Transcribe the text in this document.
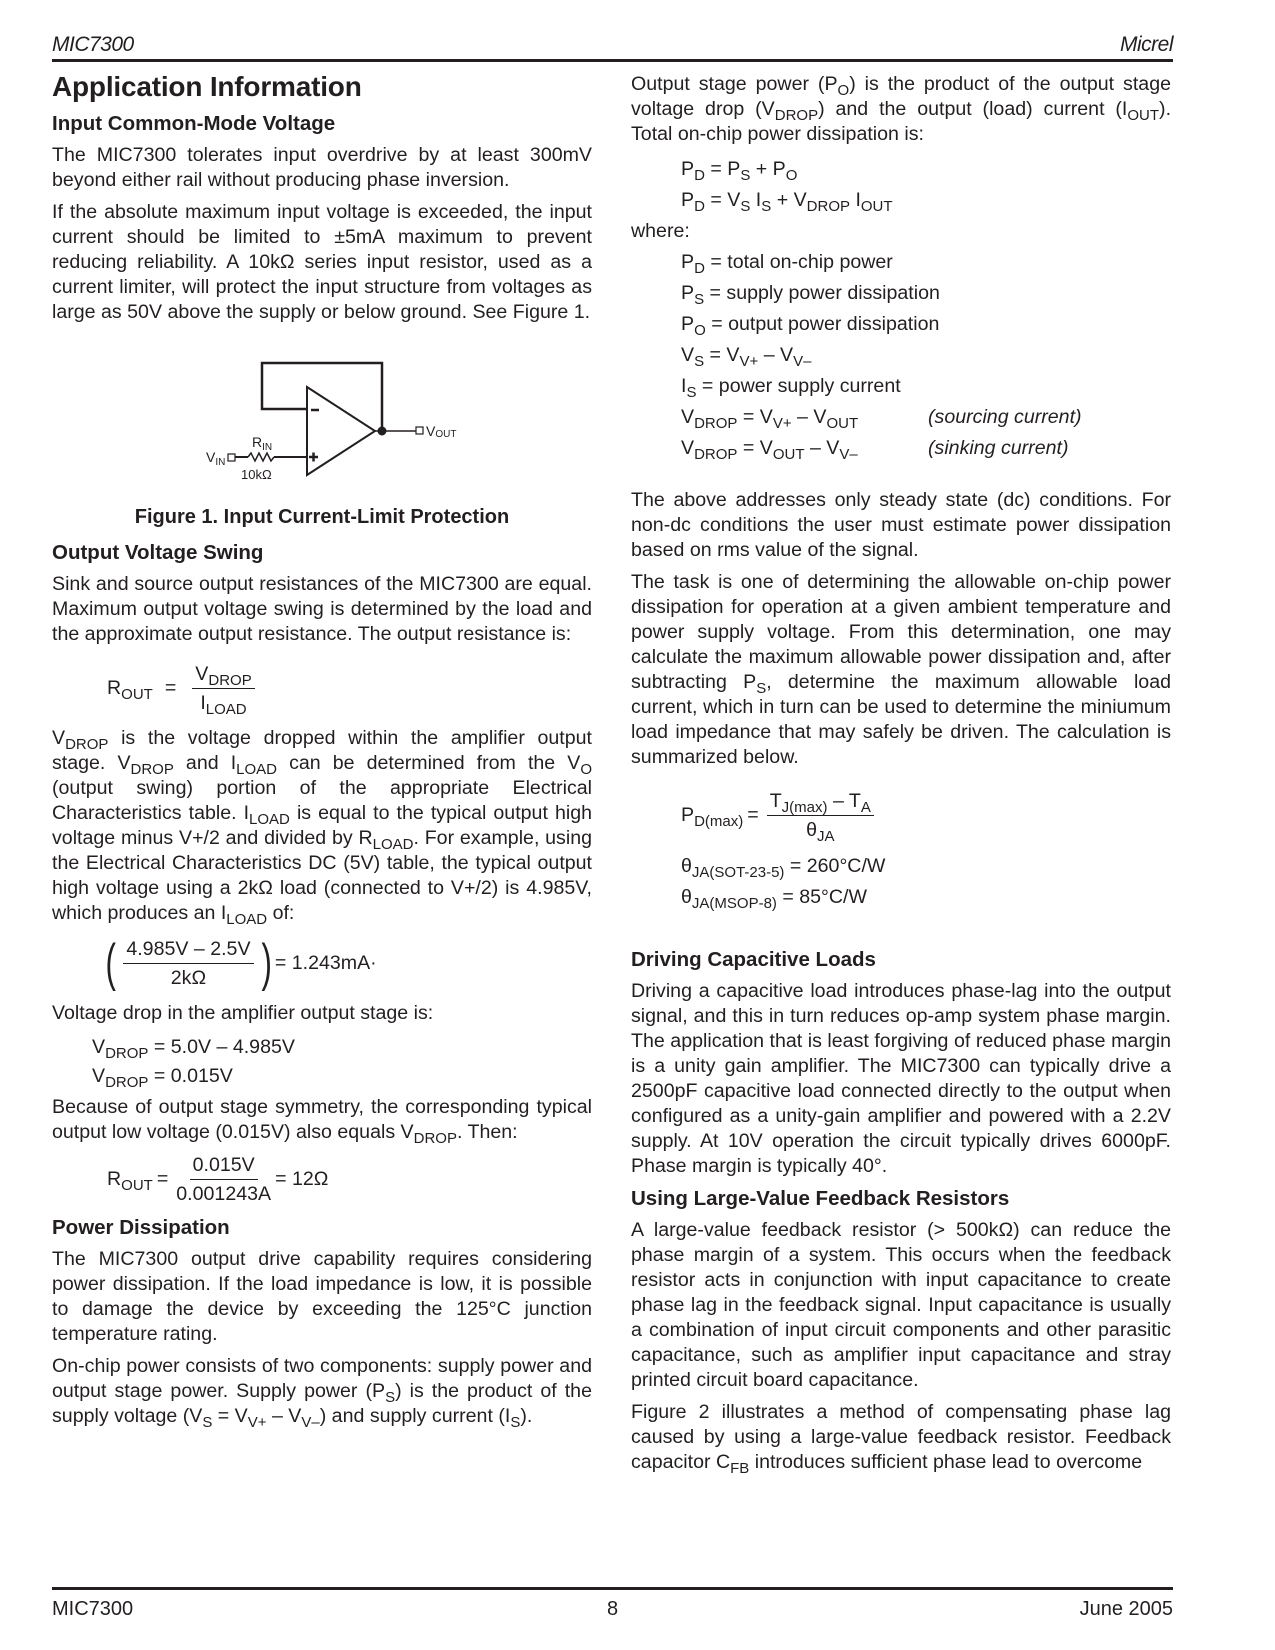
MIC7300	Micrel
Application Information
Input Common-Mode Voltage

The MIC7300 tolerates input overdrive by at least 300mV beyond either rail without producing phase inversion.

If the absolute maximum input voltage is exceeded, the input current should be limited to ±5mA maximum to prevent reducing reliability. A 10kΩ series input resistor, used as a current limiter, will protect the input structure from voltages as large as 50V above the supply or below ground. See Figure 1.

$V_{IN}$
$R_{IN}$
10kΩ
VOUT
Figure 1. Input Current-Limit Protection
Output Voltage Swing

Sink and source output resistances of the MIC7300 are equal. Maximum output voltage swing is determined by the load and the approximate output resistance. The output resistance is:

$R_{OUT} = \frac{V_{DROP}}{I_{LOAD}}$

$V_{DROP}$ is the voltage dropped within the amplifier output stage. $V_{DROP}$ and $I_{LOAD}$ can be determined from the $V_O$ (output swing) portion of the appropriate Electrical Characteristics table. $I_{LOAD}$ is equal to the typical output high voltage minus V+/2 and divided by $R_{LOAD}$. For example, using the Electrical Characteristics DC (5V) table, the typical output high voltage using a 2kΩ load (connected to V+/2) is 4.985V, which produces an $I_{LOAD}$ of:

( $\frac{4.985V - 2.5V}{2k\Omega}$ ) = 1.243mA ·

Voltage drop in the amplifier output stage is:

$V_{DROP} = 5.0V - 4.985V$
$V_{DROP} = 0.015V$

Because of output stage symmetry, the corresponding typical output low voltage (0.015V) also equals $V_{DROP}$. Then:

$R_{OUT} = \frac{0.015V}{0.001243A} = 12\Omega$
Power Dissipation

The MIC7300 output drive capability requires considering power dissipation. If the load impedance is low, it is possible to damage the device by exceeding the 125°C junction temperature rating.

On-chip power consists of two components: supply power and output stage power. Supply power $(P_S)$ is the product of the supply voltage $(V_S = V_{V+} - V_{V-})$ and supply current $(I_S)$.

Output stage power $(P_O)$ is the product of the output stage voltage drop $(V_{DROP})$ and the output (load) current $(I_{OUT})$. Total on-chip power dissipation is:

$P_D = P_S + P_O$
$P_D = V_S$ $I_S + V_{DROP}$ $I_{OUT}$
where:
$P_D$ = total on-chip power
$P_S$ = supply power dissipation
$P_O$ = output power dissipation
$V_S = V_{V+} - V_{V-}$
$I_S$ = power supply current
$V_{DROP} = V_{V+} - V_{OUT}$	(sourcing current)
$V_{DROP} = V_{OUT} - V_{V-}$	(sinking current)

The above addresses only steady state (dc) conditions. For non-dc conditions the user must estimate power dissipation based on rms value of the signal.

The task is one of determining the allowable on-chip power dissipation for operation at a given ambient temperature and power supply voltage. From this determination, one may calculate the maximum allowable power dissipation and, after subtracting $P_S$, determine the maximum allowable load current, which in turn can be used to determine the miniumum load impedance that may safely be driven. The calculation is summarized below.

$P_{D(max)} = \frac{T_{J(max)} - T_A}{\theta_{JA}}$
$\theta_{JA(SOT-23-5)} = 260^\circ C/W$
$\theta_{JA(MSOP-8)} = 85^\circ C/W$
Driving Capacitive Loads

Driving a capacitive load introduces phase-lag into the output signal, and this in turn reduces op-amp system phase margin. The application that is least forgiving of reduced phase margin is a unity gain amplifier. The MIC7300 can typically drive a 2500pF capacitive load connected directly to the output when configured as a unity-gain amplifier and powered with a 2.2V supply. At 10V operation the circuit typically drives 6000pF. Phase margin is typically 40°.

Using Large-Value Feedback Resistors

A large-value feedback resistor (> 500kΩ) can reduce the phase margin of a system. This occurs when the feedback resistor acts in conjunction with input capacitance to create phase lag in the feedback signal. Input capacitance is usually a combination of input circuit components and other parasitic capacitance, such as amplifier input capacitance and stray printed circuit board capacitance.

Figure 2 illustrates a method of compensating phase lag caused by using a large-value feedback resistor. Feedback capacitor $C_{FB}$ introduces sufficient phase lead to overcome

MIC7300	8	June 2005
